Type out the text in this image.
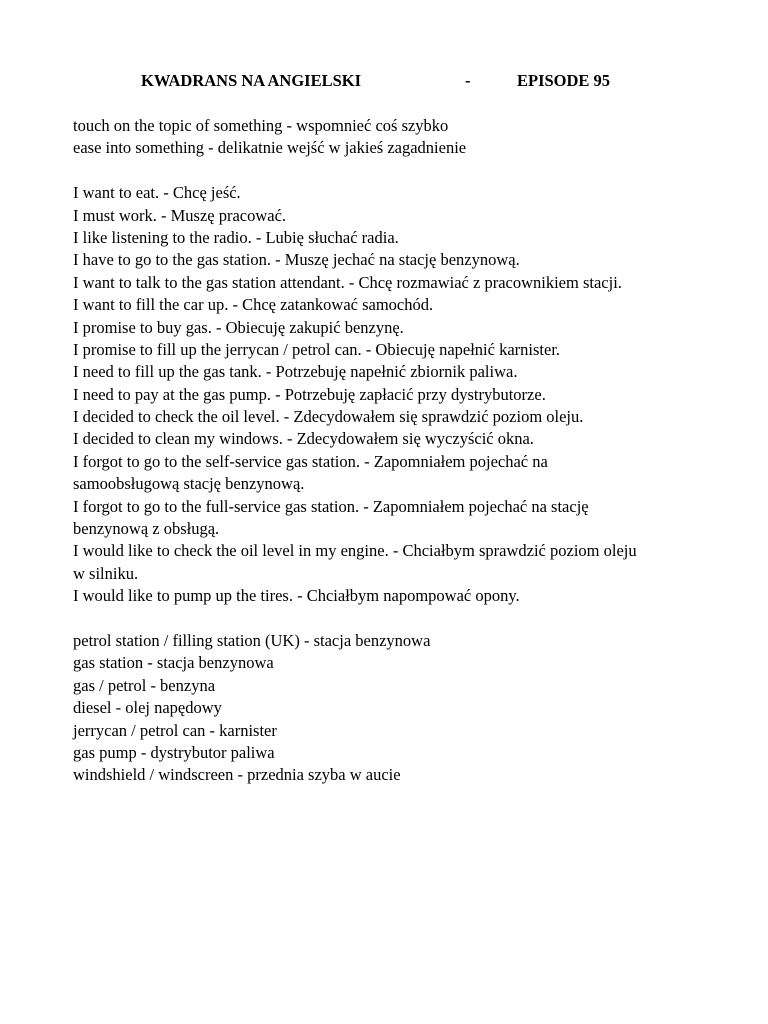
KWADRANS NA ANGIELSKI	-	EPISODE 95
touch on the topic of something - wspomnieć coś szybko
ease into something - delikatnie wejść w jakieś zagadnienie
I want to eat. - Chcę jeść.
I must work. - Muszę pracować.
I like listening to the radio. - Lubię słuchać radia.
I have to go to the gas station. - Muszę jechać na stację benzynową.
I want to talk to the gas station attendant. - Chcę rozmawiać z pracownikiem stacji.
I want to fill the car up. - Chcę zatankować samochód.
I promise to buy gas. - Obiecuję zakupić benzynę.
I promise to fill up the jerrycan / petrol can. - Obiecuję napełnić karnister.
I need to fill up the gas tank. - Potrzebuję napełnić zbiornik paliwa.
I need to pay at the gas pump. - Potrzebuję zapłacić przy dystrybutorze.
I decided to check the oil level. - Zdecydowałem się sprawdzić poziom oleju.
I decided to clean my windows. - Zdecydowałem się wyczyścić okna.
I forgot to go to the self-service gas station. - Zapomniałem pojechać na
samoobsługową stację benzynową.
I forgot to go to the full-service gas station. - Zapomniałem pojechać na stację
benzynową z obsługą.
I would like to check the oil level in my engine. - Chciałbym sprawdzić poziom oleju
w silniku.
I would like to pump up the tires. - Chciałbym napompować opony.
petrol station / filling station (UK) - stacja benzynowa
gas station - stacja benzynowa
gas / petrol - benzyna
diesel - olej napędowy
jerrycan / petrol can - karnister
gas pump - dystrybutor paliwa
windshield / windscreen - przednia szyba w aucie
